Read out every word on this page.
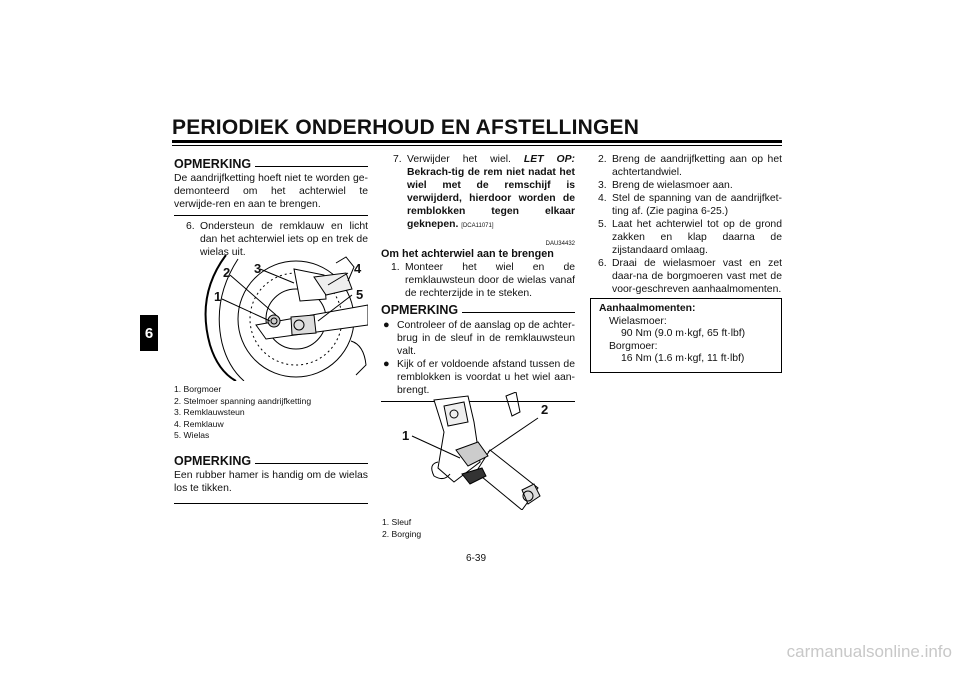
PERIODIEK ONDERHOUD EN AFSTELLINGEN
6
OPMERKING
De aandrijfketting hoeft niet te worden ge-demonteerd om het achterwiel te verwijde-ren en aan te brengen.
6. Ondersteun de remklauw en licht dan het achterwiel iets op en trek de wielas uit.
2 3	4
1	5
1. Borgmoer
2. Stelmoer spanning aandrijfketting
3. Remklauwsteun
4. Remklauw
5. Wielas
OPMERKING
Een rubber hamer is handig om de wielas los te tikken.
7. Verwijder het wiel. LET OP: Bekrach-tig de rem niet nadat het wiel met de remschijf is verwijderd, hierdoor worden de remblokken tegen elkaar geknepen. [DCA11071]
DAU34432
Om het achterwiel aan te brengen
1. Monteer het wiel en de remklauwsteun door de wielas vanaf de rechterzijde in te steken.
OPMERKING
● Controleer of de aanslag op de achter-brug in de sleuf in de remklauwsteun valt.
● Kijk of er voldoende afstand tussen de remblokken is voordat u het wiel aan-brengt.
1
2
1. Sleuf
2. Borging
2. Breng de aandrijfketting aan op het achtertandwiel.
3. Breng de wielasmoer aan.
4. Stel de spanning van de aandrijfket-ting af. (Zie pagina 6-25.)
5. Laat het achterwiel tot op de grond zakken en klap daarna de zijstandaard omlaag.
6. Draai de wielasmoer vast en zet daar-na de borgmoeren vast met de voor-geschreven aanhaalmomenten.
Aanhaalmomenten:
Wielasmoer:
90 Nm (9.0 m·kgf, 65 ft·lbf)
Borgmoer:
16 Nm (1.6 m·kgf, 11 ft·lbf)
6-39
carmanualsonline.info
